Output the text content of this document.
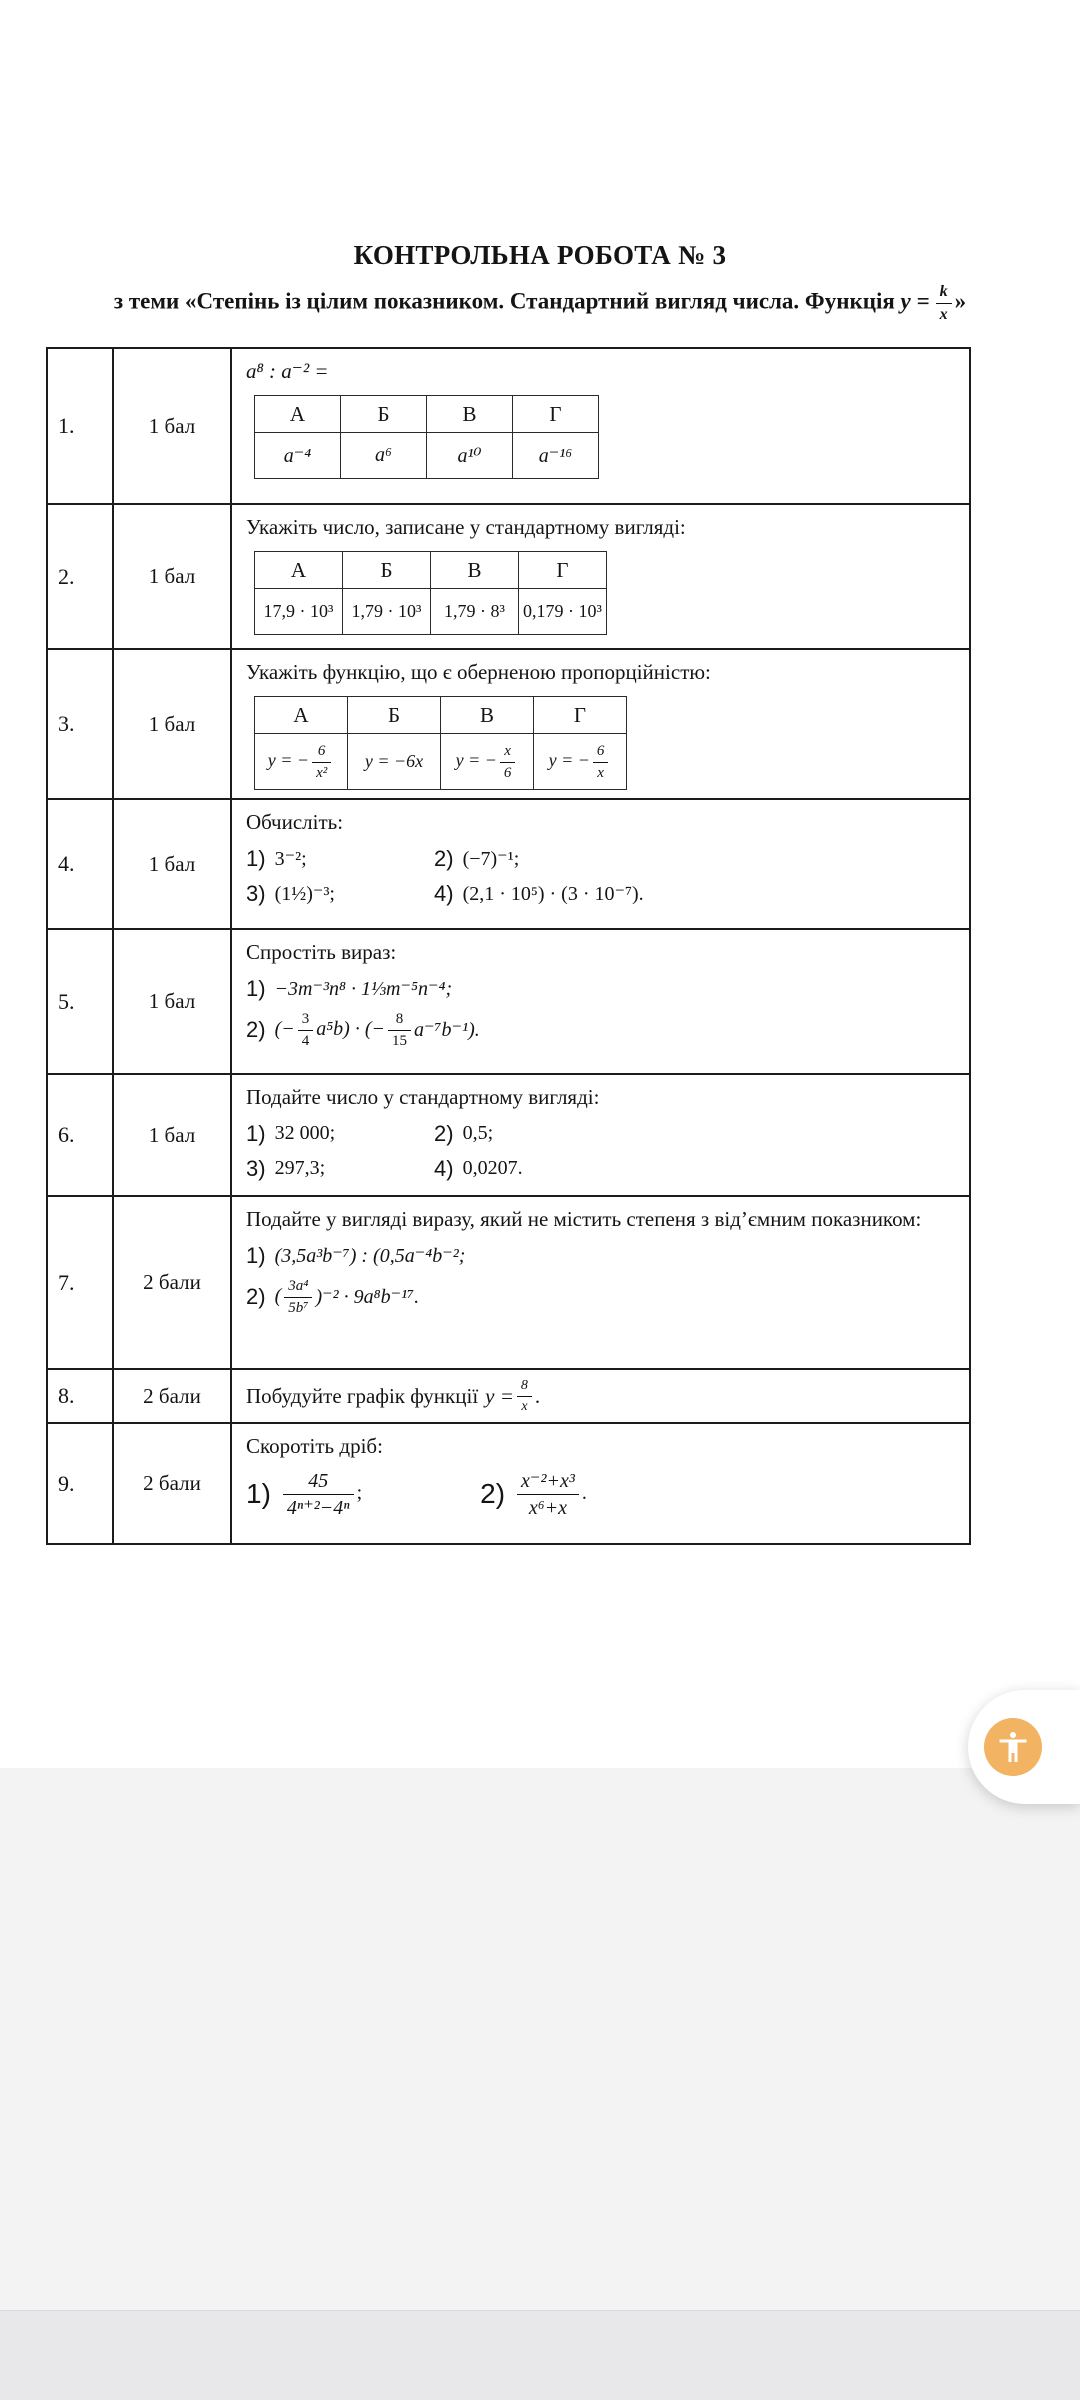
КОНТРОЛЬНА РОБОТА № 3
з теми «Степінь із цілим показником. Стандартний вигляд числа. Функція $y = \frac{k}{x}$ »
1.	1 бал	
a⁸ : a⁻² =
А	Б	В	Г
a⁻⁴	a⁶	a¹⁰	a⁻¹⁶

2.	1 бал	
Укажіть число, записане у стандартному вигляді:
А	Б	В	Г
17,9 · 10³	1,79 · 10³	1,79 · 8³	0,179 · 10³

3.	1 бал	
Укажіть функцію, що є оберненою пропорційністю:
А	Б	В	Г
y = − $\frac{6}{\text{x²}}$	y = −6x	y = − $\frac{x}{6}$	y = − $\frac{6}{x}$

4.	1 бал	
Обчисліть:
1) 3⁻²;	2) (−7)⁻¹;
3) (1½)⁻³;	4) (2,1 · 10⁵) · (3 · 10⁻⁷).

5.	1 бал	
Спростіть вираз:
1) −3m⁻³n⁸ · 1⅓m⁻⁵n⁻⁴;
2) (− $\frac{3}{4} a^5b$) · (− $\frac{8}{15} a^{-7}b^{-1}$).

6.	1 бал	
Подайте число у стандартному вигляді:
1) 32 000;	2) 0,5;
3) 297,3;	4) 0,0207.

7.	2 бали	
Подайте у вигляді виразу, який не містить степеня з від’ємним показником:
1) (3,5a³b⁻⁷) : (0,5a⁻⁴b⁻²;
2) ( $\frac{\text{3a⁴}}{\text{5b⁷}} )^{-2} \cdot 9a^8b^{-17}$.

8.	2 бали	Побудуйте графік функції $y = \frac{8}{x}$ .

9.	2 бали	
Скоротіть дріб:
$1) \frac{45}{\text{4ⁿ⁺²−4ⁿ}}$ ;	$2) \frac{\text{x⁻²+x³}}{\text{x⁶+x}}$ .
